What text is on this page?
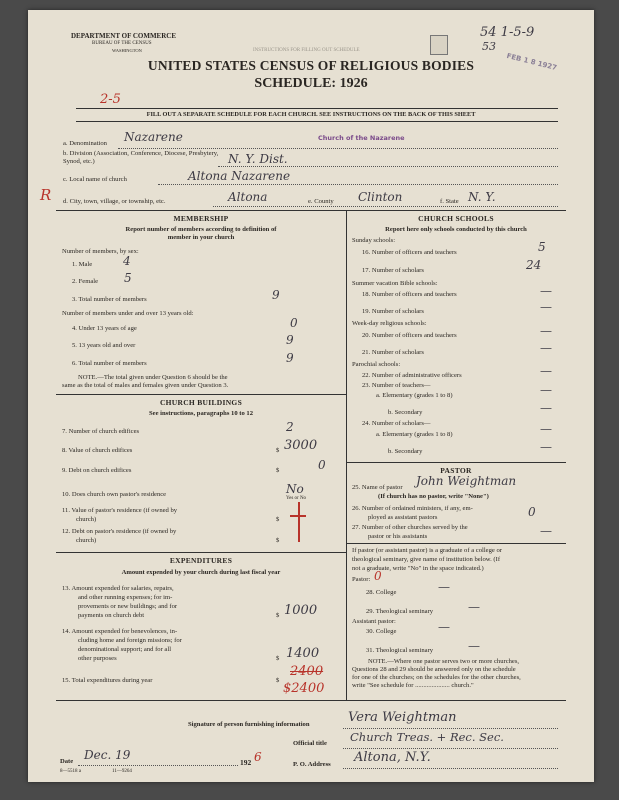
DEPARTMENT OF COMMERCE
BUREAU OF THE CENSUS
WASHINGTON	INSTRUCTIONS FOR FILLING OUT SCHEDULE
54 1-5-9
53
FEB 1 8 1927
UNITED STATES CENSUS OF RELIGIOUS BODIES
SCHEDULE: 1926
2-5
FILL OUT A SEPARATE SCHEDULE FOR EACH CHURCH. SEE INSTRUCTIONS ON THE BACK OF THIS SHEET
a. Denomination Nazarene	Church of the Nazarene
b. Division (Association, Conference, Diocese, Presbytery, Synod, etc.)	N. Y. Dist.
c. Local name of church	Altona Nazarene
R d. City, town, village, or township, etc.	Altona	e. County Clinton	f. State N. Y.
MEMBERSHIP
Report number of members according to definition of
member in your church
Number of members, by sex:
1. Male	4
2. Female 5
3. Total number of members	9
Number of members under and over 13 years old:
4. Under 13 years of age	0
5. 13 years old and over	9
6. Total number of members	9
NOTE.—The total given under Question 6 should be the
same as the total of males and females given under Question 3.
CHURCH BUILDINGS
See instructions, paragraphs 10 to 12
7. Number of church edifices	2
8. Value of church edifices	$ 3000
9. Debt on church edifices	$	0
10. Does church own pastor's residence	No
Yes or No
11. Value of pastor's residence (if owned by
church)	$
12. Debt on pastor's residence (if owned by
church)	$
EXPENDITURES
Amount expended by your church during last fiscal year
13. Amount expended for salaries, repairs,
and other running expenses; for im-
provements or new buildings; and for
payments on church debt	$ 1000
14. Amount expended for benevolences, in-
cluding home and foreign missions; for
denominational support; and for all
other purposes	$ 1400
15. Total expenditures during year	$
2400
$2400
CHURCH SCHOOLS
Report here only schools conducted by this church
Sunday schools:
16. Number of officers and teachers	5
17. Number of scholars	24
Summer vacation Bible schools:
18. Number of officers and teachers	—
19. Number of scholars	—
Week-day religious schools:
20. Number of officers and teachers	—
21. Number of scholars	—
Parochial schools:
22. Number of administrative officers	—
23. Number of teachers—
a. Elementary (grades 1 to 8)	—
b. Secondary	—
24. Number of scholars—
a. Elementary (grades 1 to 8)	—
b. Secondary	—
PASTOR
25. Name of pastor John Weightman
(If church has no pastor, write "None")
26. Number of ordained ministers, if any, em-
ployed as assistant pastors	0
27. Number of other churches served by the
pastor or his assistants	—
If pastor (or assistant pastor) is a graduate of a college or
theological seminary, give name of institution below. (If
not a graduate, write "No" in the space indicated.)
Pastor: 0
28. College	—
29. Theological seminary	—
Assistant pastor:
30. College	—
31. Theological seminary	—
NOTE.—Where one pastor serves two or more churches,
Questions 28 and 29 should be answered only on the schedule
for one of the churches; on the schedules for the other churches,
write "See schedule for ..................... church."
Signature of person furnishing information	Vera Weightman
Official title Church Treas. + Rec. Sec.
Date Dec. 19
192 6
P. O. Address Altona, N.Y.
8—5518 a	11—9264
